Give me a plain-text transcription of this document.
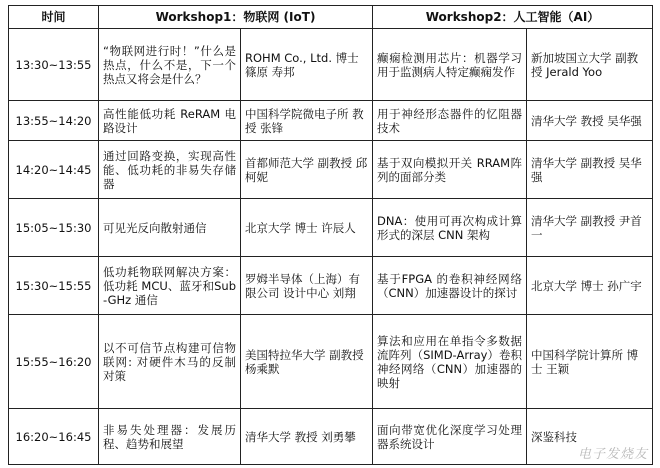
时间	Workshop1：物联网 (IoT)		Workshop2：人工智能（AI）	
13:30~13:55	“物联网进行时！”什么是热点，什么不是，下一个热点又将会是什么？	ROHM Co., Ltd. 博士 篠原 寿邦	癫痫检测用芯片：机器学习用于监测病人特定癫痫发作	新加坡国立大学 副教授 Jerald Yoo
13:55~14:20	高性能低功耗 ReRAM 电路设计	中国科学院微电子所 教授 张锋	用于神经形态器件的忆阻器技术	清华大学 教授 吴华强
14:20~14:45	通过回路变换，实现高性能、低功耗的非易失存储器	首都师范大学 副教授 邱柯妮	基于双向模拟开关 RRAM阵列的面部分类	清华大学 副教授 吴华强
15:05~15:30	可见光反向散射通信	北京大学 博士 许辰人	DNA：使用可再次构成计算形式的深层 CNN 架构	清华大学 副教授 尹首一
15:30~15:55	低功耗物联网解决方案：低功耗 MCU、蓝牙和Sub-GHz 通信	罗姆半导体（上海）有限公司 设计中心 刘翔	基于FPGA 的卷积神经网络（CNN）加速器设计的探讨	北京大学 博士 孙广宇
15:55~16:20	以不可信节点构建可信物联网: 对硬件木马的反制对策	美国特拉华大学 副教授 杨乘默	算法和应用在单指令多数据流阵列（SIMD-Array）卷积神经网络（CNN）加速器的映射	中国科学院计算所 博士 王颖
16:20~16:45	非易失处理器：发展历程、趋势和展望	清华大学 教授 刘勇攀	面向带宽优化深度学习处理器系统设计	深鉴科技
电子发烧友
